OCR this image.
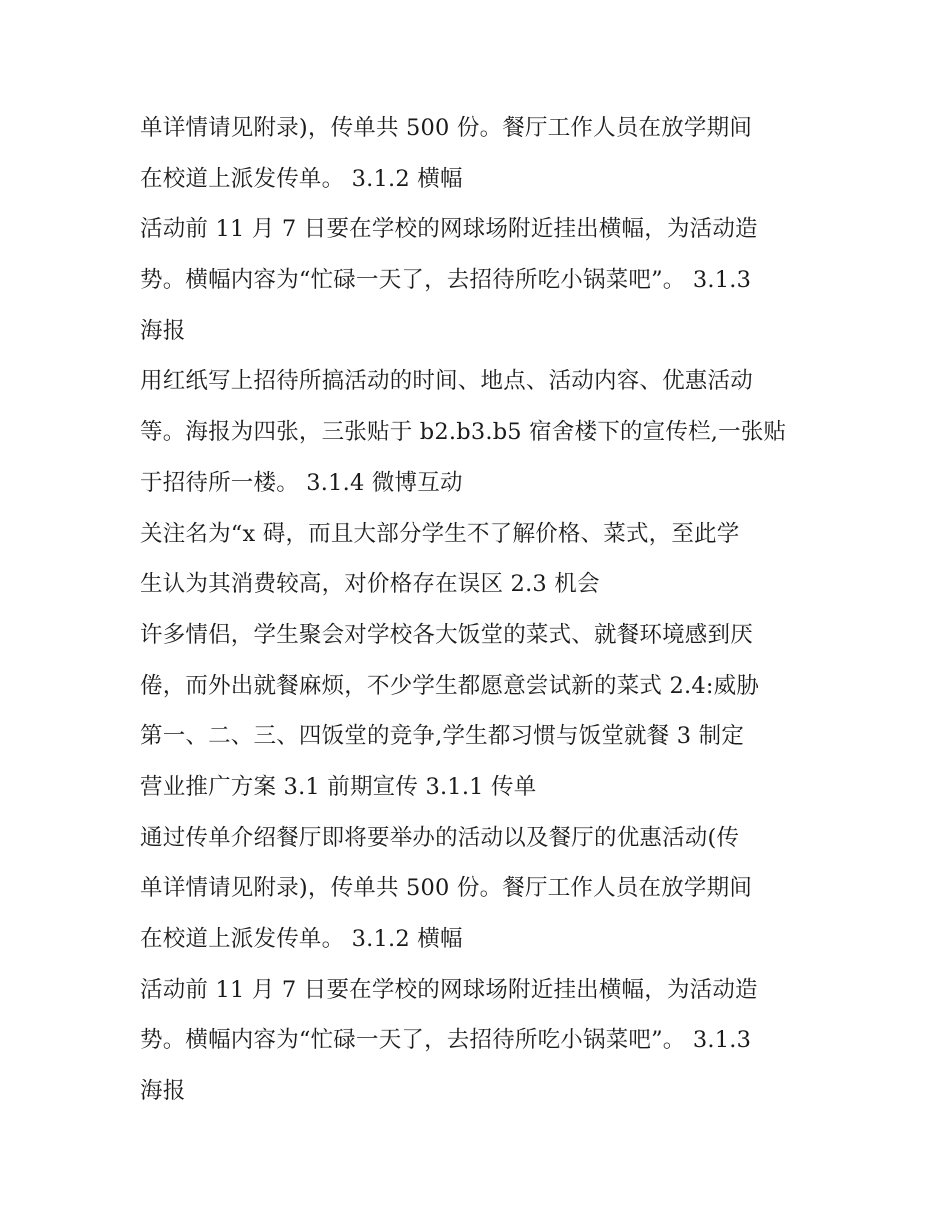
单详情请见附录)，传单共 500 份。餐厅工作人员在放学期间
在校道上派发传单。 3.1.2 横幅
活动前 11 月 7 日要在学校的网球场附近挂出横幅，为活动造
势。横幅内容为“忙碌一天了，去招待所吃小锅菜吧”。 3.1.3
海报
用红纸写上招待所搞活动的时间、地点、活动内容、优惠活动
等。海报为四张，三张贴于 b2.b3.b5 宿舍楼下的宣传栏,一张贴
于招待所一楼。 3.1.4 微博互动
关注名为“x 碍，而且大部分学生不了解价格、菜式，至此学
生认为其消费较高，对价格存在误区 2.3 机会
许多情侣，学生聚会对学校各大饭堂的菜式、就餐环境感到厌
倦，而外出就餐麻烦，不少学生都愿意尝试新的菜式 2.4:威胁
第一、二、三、四饭堂的竞争,学生都习惯与饭堂就餐 3 制定
营业推广方案 3.1 前期宣传 3.1.1 传单
通过传单介绍餐厅即将要举办的活动以及餐厅的优惠活动(传
单详情请见附录)，传单共 500 份。餐厅工作人员在放学期间
在校道上派发传单。 3.1.2 横幅
活动前 11 月 7 日要在学校的网球场附近挂出横幅，为活动造
势。横幅内容为“忙碌一天了，去招待所吃小锅菜吧”。 3.1.3
海报
